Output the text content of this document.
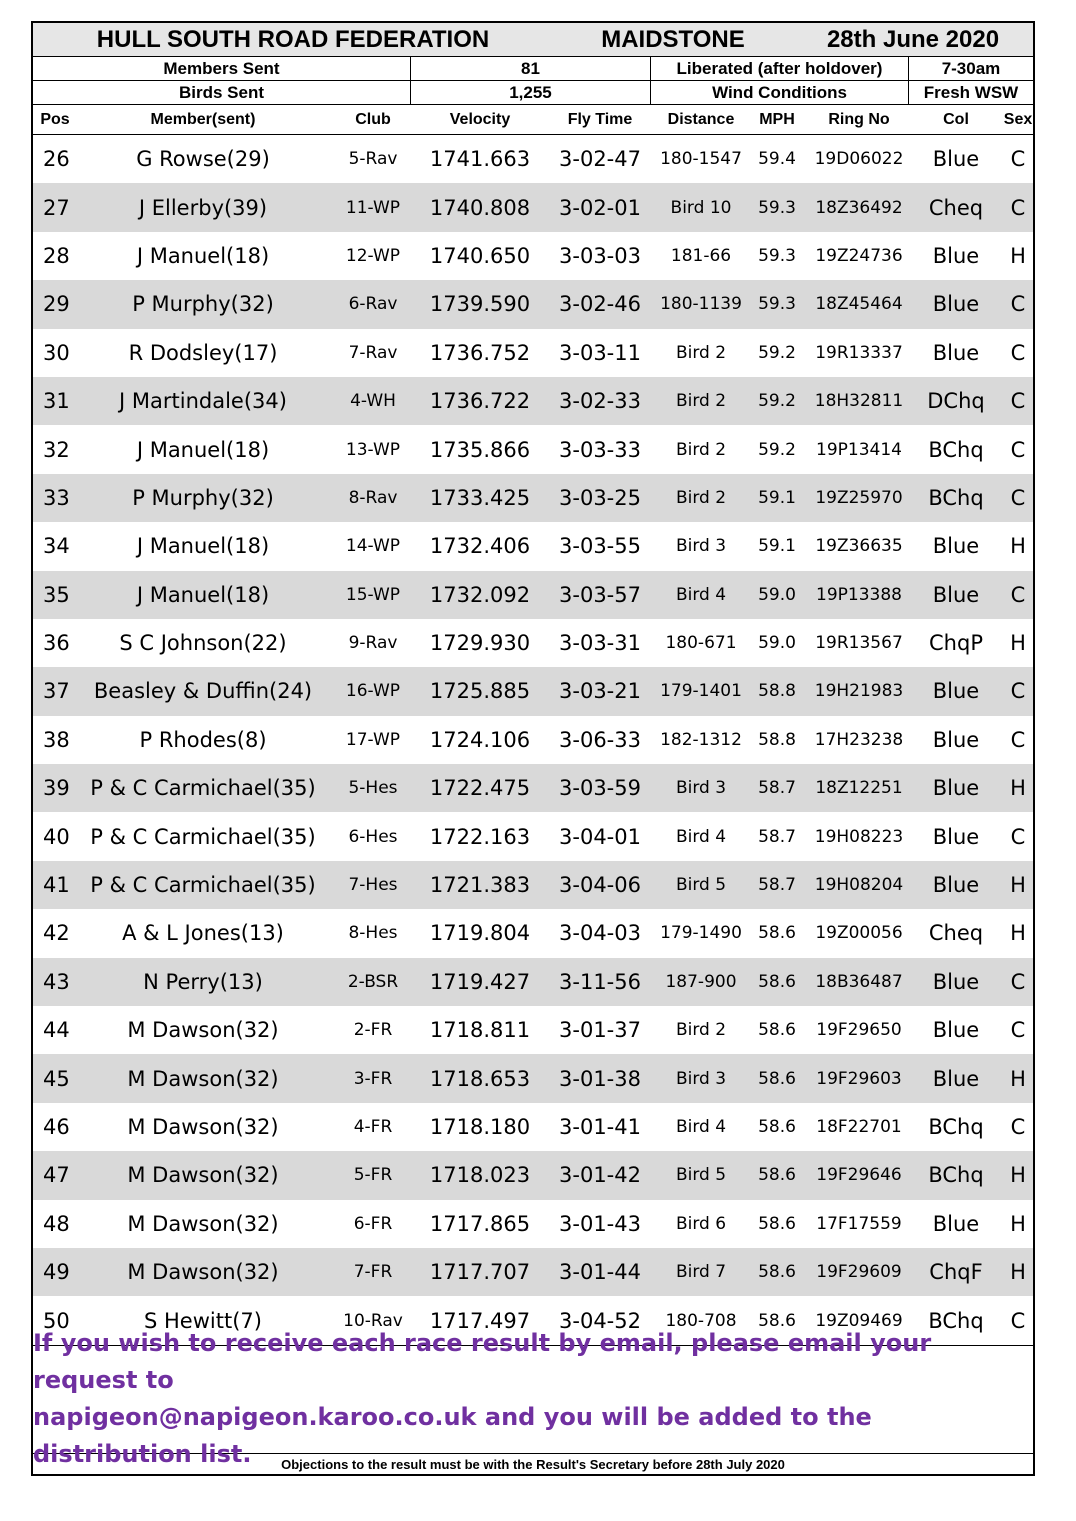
HULL SOUTH ROAD FEDERATION	MAIDSTONE	28th June 2020
Members Sent	81	Liberated (after holdover)	7-30am
Birds Sent	1,255	Wind Conditions	Fresh WSW
Pos	Member(sent)	Club	Velocity	Fly Time	Distance	MPH	Ring No	Col	Sex
26	G Rowse(29)	5-Rav	1741.663	3-02-47	180-1547 59.4	19D06022	Blue	C
27	J Ellerby(39)	11-WP	1740.808	3-02-01	Bird 10	59.3	18Z36492	Cheq	C
28	J Manuel(18)	12-WP	1740.650	3-03-03	181-66	59.3	19Z24736	Blue	H
29	P Murphy(32)	6-Rav	1739.590	3-02-46	180-1139 59.3	18Z45464	Blue	C
30	R Dodsley(17)	7-Rav	1736.752	3-03-11	Bird 2	59.2	19R13337	Blue	C
31	J Martindale(34)	4-WH	1736.722	3-02-33	Bird 2	59.2	18H32811	DChq	C
32	J Manuel(18)	13-WP	1735.866	3-03-33	Bird 2	59.2	19P13414	BChq	C
33	P Murphy(32)	8-Rav	1733.425	3-03-25	Bird 2	59.1	19Z25970	BChq	C
34	J Manuel(18)	14-WP	1732.406	3-03-55	Bird 3	59.1	19Z36635	Blue	H
35	J Manuel(18)	15-WP	1732.092	3-03-57	Bird 4	59.0	19P13388	Blue	C
36	S C Johnson(22)	9-Rav	1729.930	3-03-31	180-671	59.0	19R13567	ChqP	H
37	Beasley & Duffin(24)	16-WP	1725.885	3-03-21	179-1401 58.8	19H21983	Blue	C
38	P Rhodes(8)	17-WP	1724.106	3-06-33	182-1312 58.8	17H23238	Blue	C
39 P & C Carmichael(35)	5-Hes	1722.475	3-03-59	Bird 3	58.7	18Z12251	Blue	H
40 P & C Carmichael(35)	6-Hes	1722.163	3-04-01	Bird 4	58.7	19H08223	Blue	C
41 P & C Carmichael(35)	7-Hes	1721.383	3-04-06	Bird 5	58.7	19H08204	Blue	H
42	A & L Jones(13)	8-Hes	1719.804	3-04-03	179-1490 58.6	19Z00056	Cheq	H
43	N Perry(13)	2-BSR	1719.427	3-11-56	187-900	58.6	18B36487	Blue	C
44	M Dawson(32)	2-FR	1718.811	3-01-37	Bird 2	58.6	19F29650	Blue	C
45	M Dawson(32)	3-FR	1718.653	3-01-38	Bird 3	58.6	19F29603	Blue	H
46	M Dawson(32)	4-FR	1718.180	3-01-41	Bird 4	58.6	18F22701	BChq	C
47	M Dawson(32)	5-FR	1718.023	3-01-42	Bird 5	58.6	19F29646	BChq	H
48	M Dawson(32)	6-FR	1717.865	3-01-43	Bird 6	58.6	17F17559	Blue	H
49	M Dawson(32)	7-FR	1717.707	3-01-44	Bird 7	58.6	19F29609	ChqF	H
50	S Hewitt(7)	10-Rav	1717.497	3-04-52	180-708	58.6	19Z09469	BChq	C
If you wish to receive each race result by email, please email your request to
napigeon@napigeon.karoo.co.uk and you will be added to the distribution list.	Objections to the result must be with the Result's Secretary before 28th July 2020
